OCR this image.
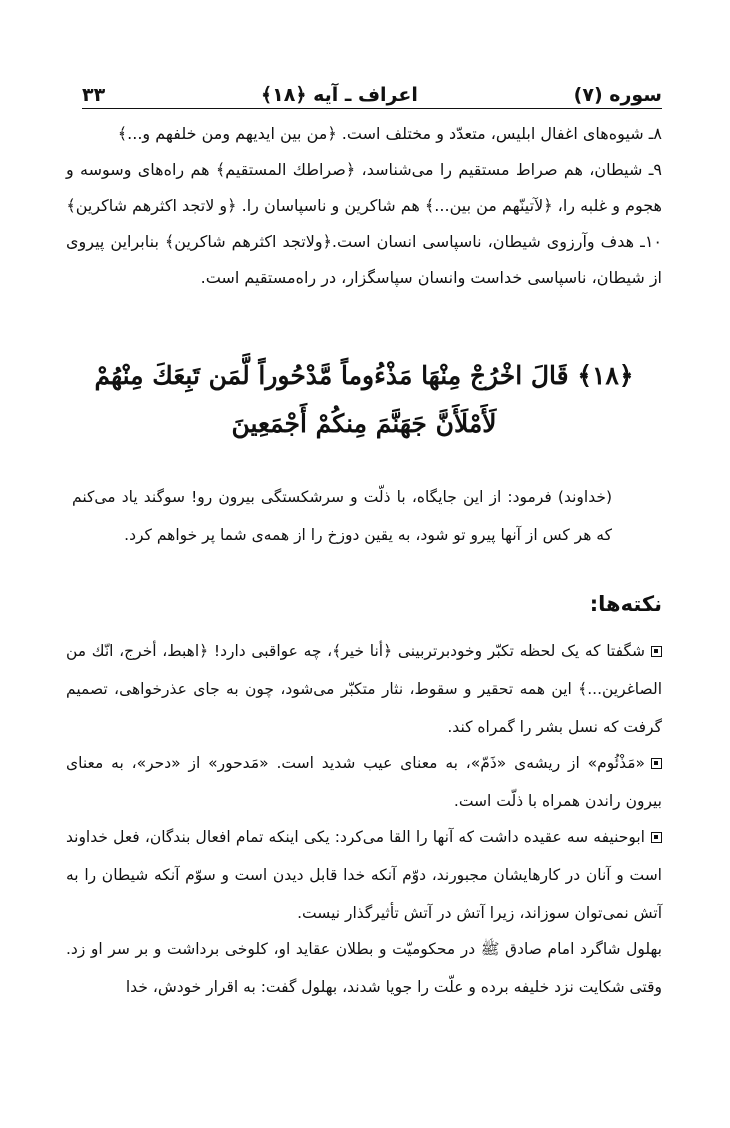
سوره (۷)
اعراف ـ آیه ﴿۱۸﴾
۳۳

۸ـ شیوه‌های اغفال ابلیس، متعدّد و مختلف است. ﴿من بین ایدیهم ومن خلفهم و...﴾

۹ـ شیطان، هم صراط مستقیم را می‌شناسد، ﴿صراطك المستقیم﴾ هم راه‌های وسوسه و هجوم و غلبه را، ﴿لآتینّهم من بین...﴾ هم شاکرین و ناسپاسان را. ﴿و لاتجد اکثرهم شاکرین﴾

۱۰ـ هدف وآرزوی شیطان، ناسپاسی انسان است.﴿ولاتجد اکثرهم شاکرین﴾ بنابراین پیروی از شیطان، ناسپاسی خداست وانسان سپاسگزار، در راه‌مستقیم است.

﴿۱۸﴾ قَالَ اخْرُجْ مِنْهَا مَذْءُوماً مَّدْحُوراً لَّمَن تَبِعَكَ مِنْهُمْ لَأَمْلَأَنَّ جَهَنَّمَ مِنكُمْ أَجْمَعِينَ
(خداوند) فرمود: از این جایگاه، با ذلّت و سرشکستگی بیرون رو! سوگند یاد می‌کنم که هر کس از آنها پیرو تو شود، به یقین دوزخ را از همه‌ی شما پر خواهم کرد.
نکته‌ها:
شگفتا که یک لحظه تکبّر وخودبرتربینی ﴿أنا خیر﴾، چه عواقبی دارد! ﴿اهبط، أخرج، انّك من الصاغرین...﴾ این همه تحقیر و سقوط، نثار متکبّر می‌شود، چون به جای عذرخواهی، تصمیم گرفت که نسل بشر را گمراه کند.
«مَذْئُوم» از ریشه‌ی «ذَمّ»، به معنای عیب شدید است. «مَدحور» از «دحر»، به معنای بیرون راندن همراه با ذلّت است.
ابوحنیفه سه عقیده داشت که آنها را القا می‌کرد: یکی اینکه تمام افعال بندگان، فعل خداوند است و آنان در کارهایشان مجبورند، دوّم آنکه خدا قابل دیدن است و سوّم آنکه شیطان را به آتش نمی‌توان سوزاند، زیرا آتش در آتش تأثیرگذار نیست.
بهلول شاگرد امام صادق ﷺ در محکومیّت و بطلان عقاید او، کلوخی برداشت و بر سر او زد. وقتی شکایت نزد خلیفه برده و علّت را جویا شدند، بهلول گفت: به اقرار خودش، خدا
